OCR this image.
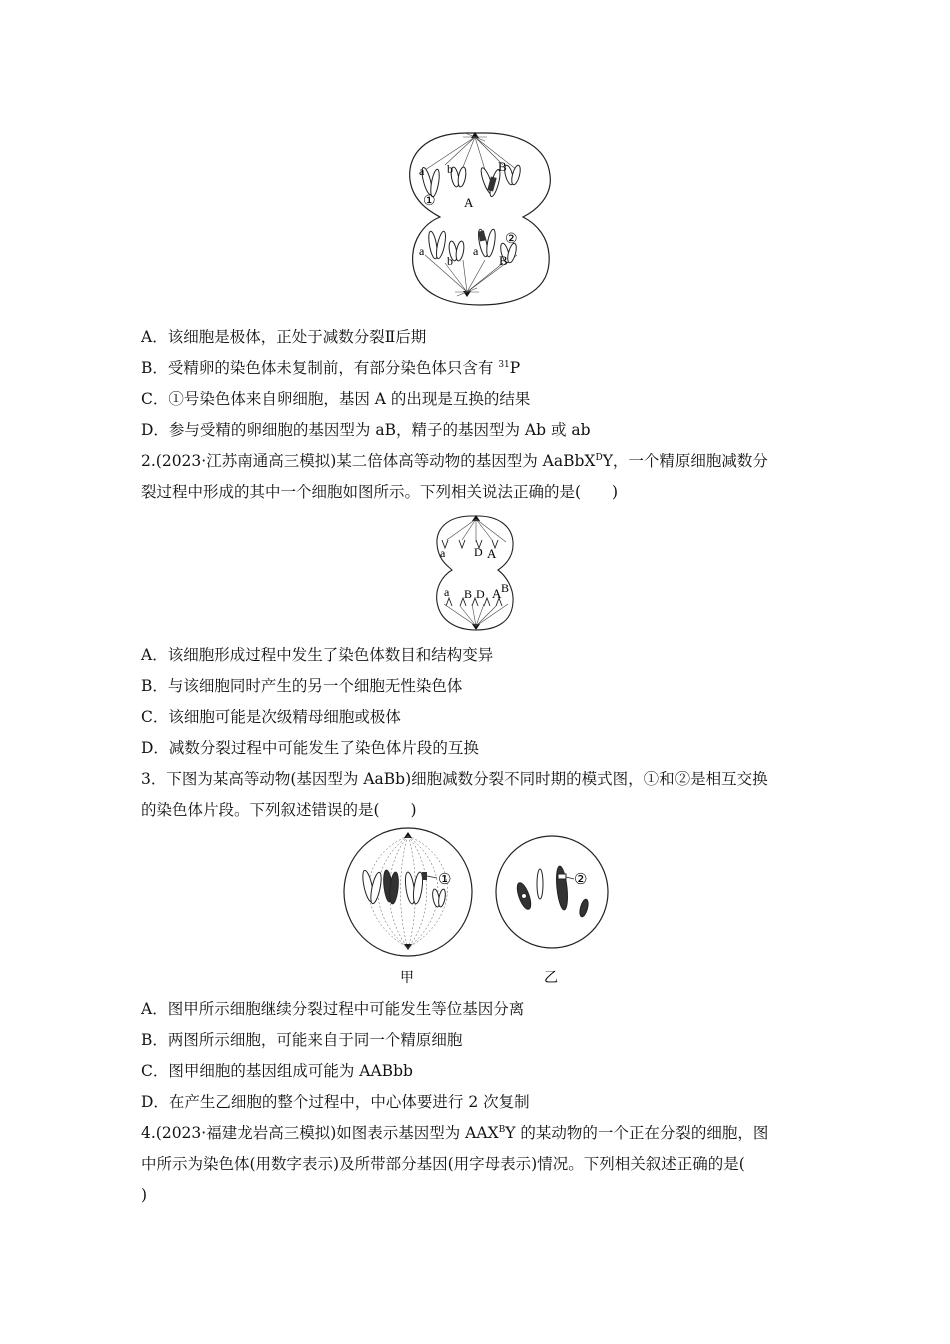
a b	B
① A
a
b
a
B
②
A．该细胞是极体，正处于减数分裂Ⅱ后期
B．受精卵的染色体未复制前，有部分染色体只含有 $^{31}$P
C．①号染色体来自卵细胞，基因 A 的出现是互换的结果
D．参与受精的卵细胞的基因型为 aB，精子的基因型为 Ab 或 ab
2.(2023·江苏南通高三模拟)某二倍体高等动物的基因型为 AaBbX$^D$Y，一个精原细胞减数分
裂过程中形成的其中一个细胞如图所示。下列相关说法正确的是(　　)
a D A
a B D A B
A．该细胞形成过程中发生了染色体数目和结构变异
B．与该细胞同时产生的另一个细胞无性染色体
C．该细胞可能是次级精母细胞或极体
D．减数分裂过程中可能发生了染色体片段的互换
3．下图为某高等动物(基因型为 AaBb)细胞减数分裂不同时期的模式图，①和②是相互交换
的染色体片段。下列叙述错误的是(　　)
①
甲
②
乙
A．图甲所示细胞继续分裂过程中可能发生等位基因分离
B．两图所示细胞，可能来自于同一个精原细胞
C．图甲细胞的基因组成可能为 AABbb
D．在产生乙细胞的整个过程中，中心体要进行 2 次复制
4.(2023·福建龙岩高三模拟)如图表示基因型为 $AAX^BY$ 的某动物的一个正在分裂的细胞，图
中所示为染色体(用数字表示)及所带部分基因(用字母表示)情况。下列相关叙述正确的是(
)
